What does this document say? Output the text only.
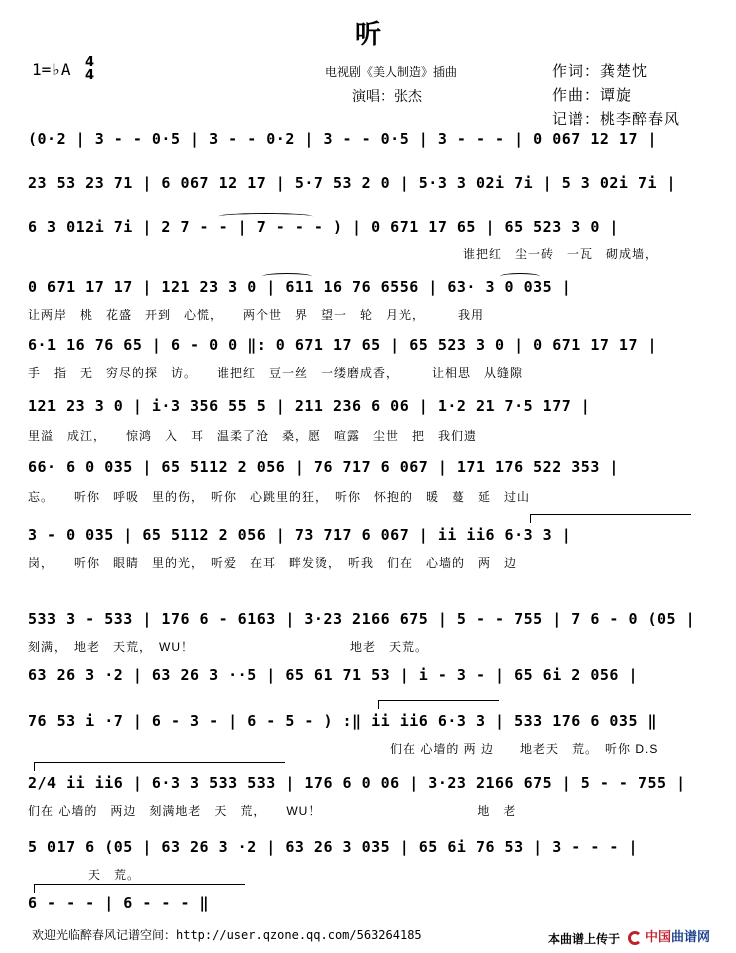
听
1=♭A 4
4	电视剧《美人制造》插曲
演唱：张杰
作词：龚楚忱
作曲：谭旋
记谱：桃李醉春风
(0·2 | 3 - - 0·5 | 3 - - 0·2 | 3 - - 0·5 | 3 - - - | 0 067 12 17 |
23 53 23 71 | 6 067 12 17 | 5·7 53 2 0 | 5·3 3 02i 7i | 5 3 02i 7i |
6 3 012i 7i | 2 7 - - | 7 - - - ) | 0 671 17 65 | 65 523 3 0 |
谁把红　尘一砖　一瓦　砌成墙，
0 671 17 17 | 121 23 3 0 | 611 16 76 6556 | 63· 3 0 035 |
让两岸　桃　花盛　开到　心慌，　　两个世　界　望一　轮　月光，　　　我用
6·1 16 76 65 | 6 - 0 0 ‖: 0 671 17 65 | 65 523 3 0 | 0 671 17 17 |
手　指　无　穷尽的探　访。　　谁把红　豆一丝　一缕磨成香，　　　让相思　从缝隙
121 23 3 0 | i·3 356 55 5 | 211 236 6 06 | 1·2 21 7·5 177 |
里溢　成江，　　惊鸿　入　耳　温柔了沧　桑，愿　喧露　尘世　把　我们遗
66· 6 0 035 | 65 5112 2 056 | 76 717 6 067 | 171 176 522 353 |
忘。　　听你　呼吸　里的伤，　听你　心跳里的狂，　听你　怀抱的　暖　蔓　延　过山
3 - 0 035 | 65 5112 2 056 | 73 717 6 067 | ii ii6 6·3 3 |
岗，　　听你　眼睛　里的光，　听爱　在耳　畔发烫，　听我　们在　心墙的　两　边
533 3 - 533 | 176 6 - 6163 | 3·23 2166 675 | 5 - - 755 | 7 6 - 0 (05 |
刻满，　地老　天荒，　WU！　　　　　　　　　　　　地老　天荒。
63 26 3 ·2 | 63 26 3 ··5 | 65 61 71 53 | i - 3 - | 65 6i 2 056 |
76 53 i ·7 | 6 - 3 - | 6 - 5 - ) :‖ ii ii6 6·3 3 | 533 176 6 035 ‖
们在 心墙的 两 边　　地老天　荒。　听你 D.S
2/4 ii ii6 | 6·3 3 533 533 | 176 6 0 06 | 3·23 2166 675 | 5 - - 755 |
们在 心墙的　两边　刻满地老　天　荒，　　WU！　　　　　　　　　　　　地　老
5 017 6 (05 | 63 26 3 ·2 | 63 26 3 035 | 65 6i 76 53 | 3 - - - |
天　荒。
6 - - - | 6 - - - ‖
欢迎光临醉春风记谱空间：http://user.qzone.qq.com/563264185	本曲谱上传于	中国曲谱网
